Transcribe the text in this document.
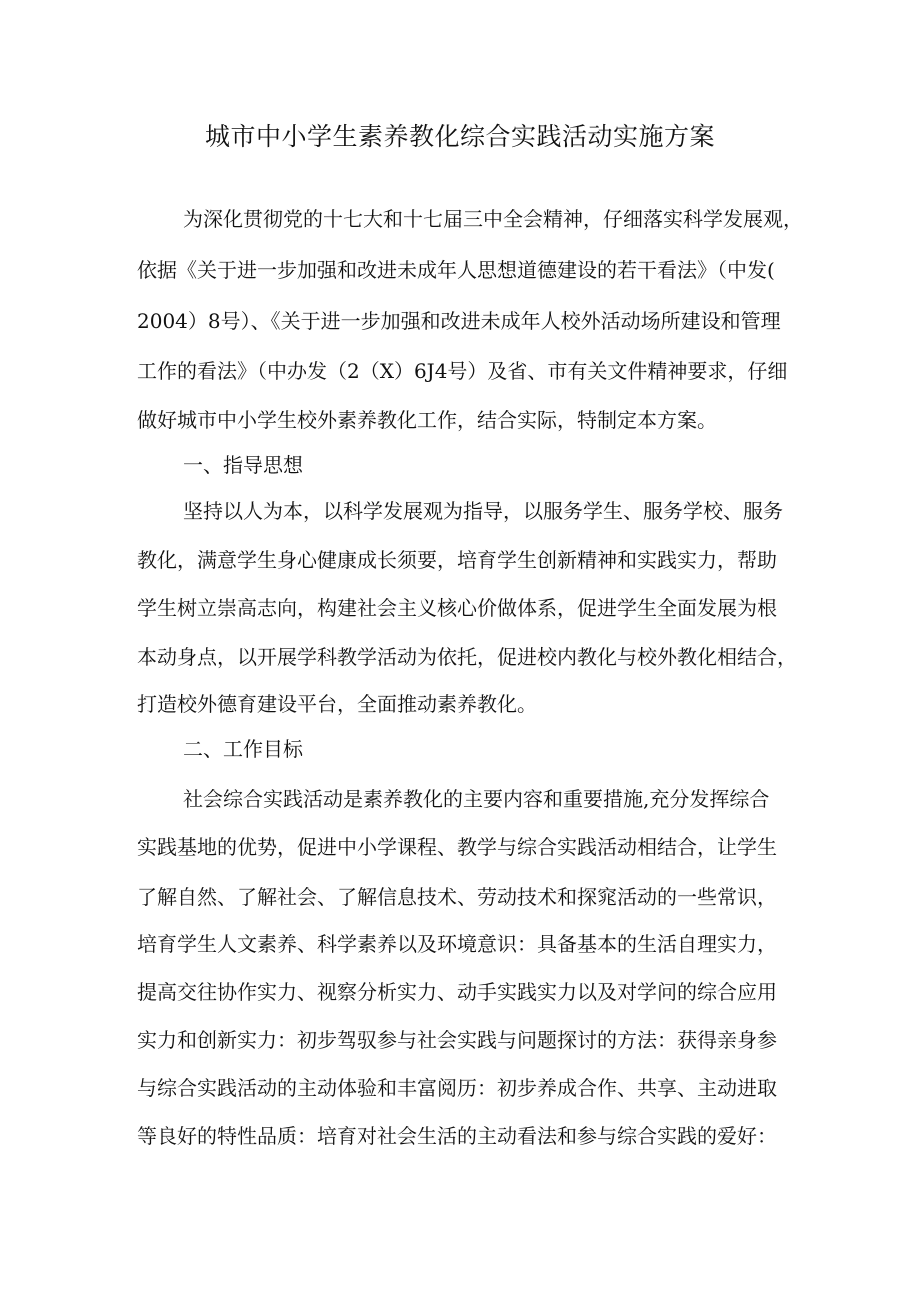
城市中小学生素养教化综合实践活动实施方案

为深化贯彻党的十七大和十七届三中全会精神，仔细落实科学发展观，

依据《关于进一步加强和改进未成年人思想道德建设的若干看法》（中发(

2004）8号）、《关于进一步加强和改进未成年人校外活动场所建设和管理

工作的看法》（中办发（2（X）6J4号）及省、市有关文件精神要求，仔细

做好城市中小学生校外素养教化工作，结合实际，特制定本方案。

一、指导思想

坚持以人为本，以科学发展观为指导，以服务学生、服务学校、服务

教化，满意学生身心健康成长须要，培育学生创新精神和实践实力，帮助

学生树立崇高志向，构建社会主义核心价做体系，促进学生全面发展为根

本动身点，以开展学科教学活动为依托，促进校内教化与校外教化相结合，

打造校外德育建设平台，全面推动素养教化。

二、工作目标

社会综合实践活动是素养教化的主要内容和重要措施,充分发挥综合

实践基地的优势，促进中小学课程、教学与综合实践活动相结合，让学生

了解自然、了解社会、了解信息技术、劳动技术和探窕活动的一些常识，

培育学生人文素养、科学素养以及环境意识：具备基本的生活自理实力，

提高交往协作实力、视察分析实力、动手实践实力以及对学问的综合应用

实力和创新实力：初步驾驭参与社会实践与问题探讨的方法：获得亲身参

与综合实践活动的主动体验和丰富阅历：初步养成合作、共享、主动进取

等良好的特性品质：培育对社会生活的主动看法和参与综合实践的爱好：
